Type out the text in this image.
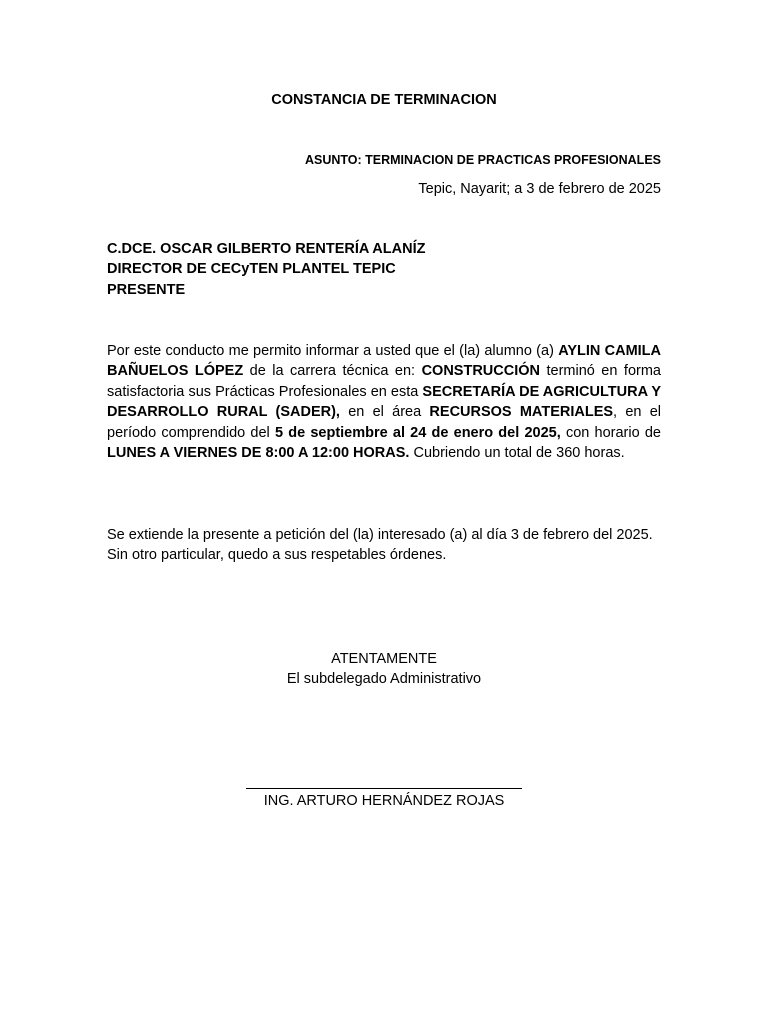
CONSTANCIA DE TERMINACION
ASUNTO: TERMINACION DE PRACTICAS PROFESIONALES
Tepic, Nayarit; a 3 de febrero de 2025
C.DCE. OSCAR GILBERTO RENTERÍA ALANÍZ
DIRECTOR DE CECyTEN PLANTEL TEPIC
PRESENTE
Por este conducto me permito informar a usted que el (la) alumno (a) AYLIN CAMILA BAÑUELOS LÓPEZ de la carrera técnica en: CONSTRUCCIÓN terminó en forma satisfactoria sus Prácticas Profesionales en esta SECRETARÍA DE AGRICULTURA Y DESARROLLO RURAL (SADER), en el área RECURSOS MATERIALES, en el período comprendido del 5 de septiembre al 24 de enero del 2025, con horario de LUNES A VIERNES DE 8:00 A 12:00 HORAS. Cubriendo un total de 360 horas.
Se extiende la presente a petición del (la) interesado (a) al día 3 de febrero del 2025.
Sin otro particular, quedo a sus respetables órdenes.
ATENTAMENTE
El subdelegado Administrativo
ING. ARTURO HERNÁNDEZ ROJAS
